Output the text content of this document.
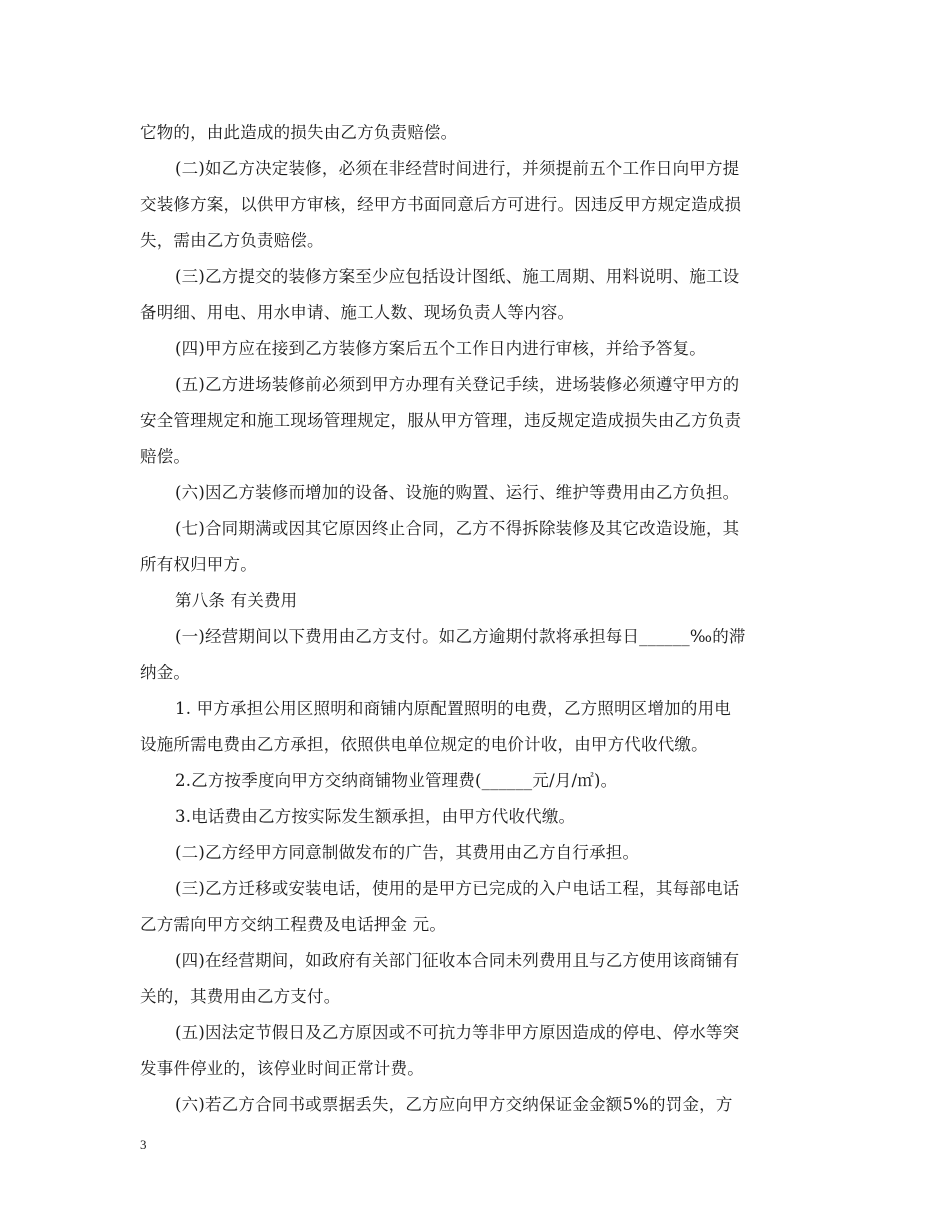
它物的，由此造成的损失由乙方负责赔偿。
(二)如乙方决定装修，必须在非经营时间进行，并须提前五个工作日向甲方提
交装修方案，以供甲方审核，经甲方书面同意后方可进行。因违反甲方规定造成损
失，需由乙方负责赔偿。
(三)乙方提交的装修方案至少应包括设计图纸、施工周期、用料说明、施工设
备明细、用电、用水申请、施工人数、现场负责人等内容。
(四)甲方应在接到乙方装修方案后五个工作日内进行审核，并给予答复。
(五)乙方进场装修前必须到甲方办理有关登记手续，进场装修必须遵守甲方的
安全管理规定和施工现场管理规定，服从甲方管理，违反规定造成损失由乙方负责
赔偿。
(六)因乙方装修而增加的设备、设施的购置、运行、维护等费用由乙方负担。
(七)合同期满或因其它原因终止合同，乙方不得拆除装修及其它改造设施，其
所有权归甲方。
第八条 有关费用
(一)经营期间以下费用由乙方支付。如乙方逾期付款将承担每日______‰的滞
纳金。
1. 甲方承担公用区照明和商铺内原配置照明的电费，乙方照明区增加的用电
设施所需电费由乙方承担，依照供电单位规定的电价计收，由甲方代收代缴。
2.乙方按季度向甲方交纳商铺物业管理费(______元/月/㎡)。
3.电话费由乙方按实际发生额承担，由甲方代收代缴。
(二)乙方经甲方同意制做发布的广告，其费用由乙方自行承担。
(三)乙方迁移或安装电话，使用的是甲方已完成的入户电话工程，其每部电话
乙方需向甲方交纳工程费及电话押金 元。
(四)在经营期间，如政府有关部门征收本合同未列费用且与乙方使用该商铺有
关的，其费用由乙方支付。
(五)因法定节假日及乙方原因或不可抗力等非甲方原因造成的停电、停水等突
发事件停业的，该停业时间正常计费。
(六)若乙方合同书或票据丢失，乙方应向甲方交纳保证金金额5%的罚金，方
3
